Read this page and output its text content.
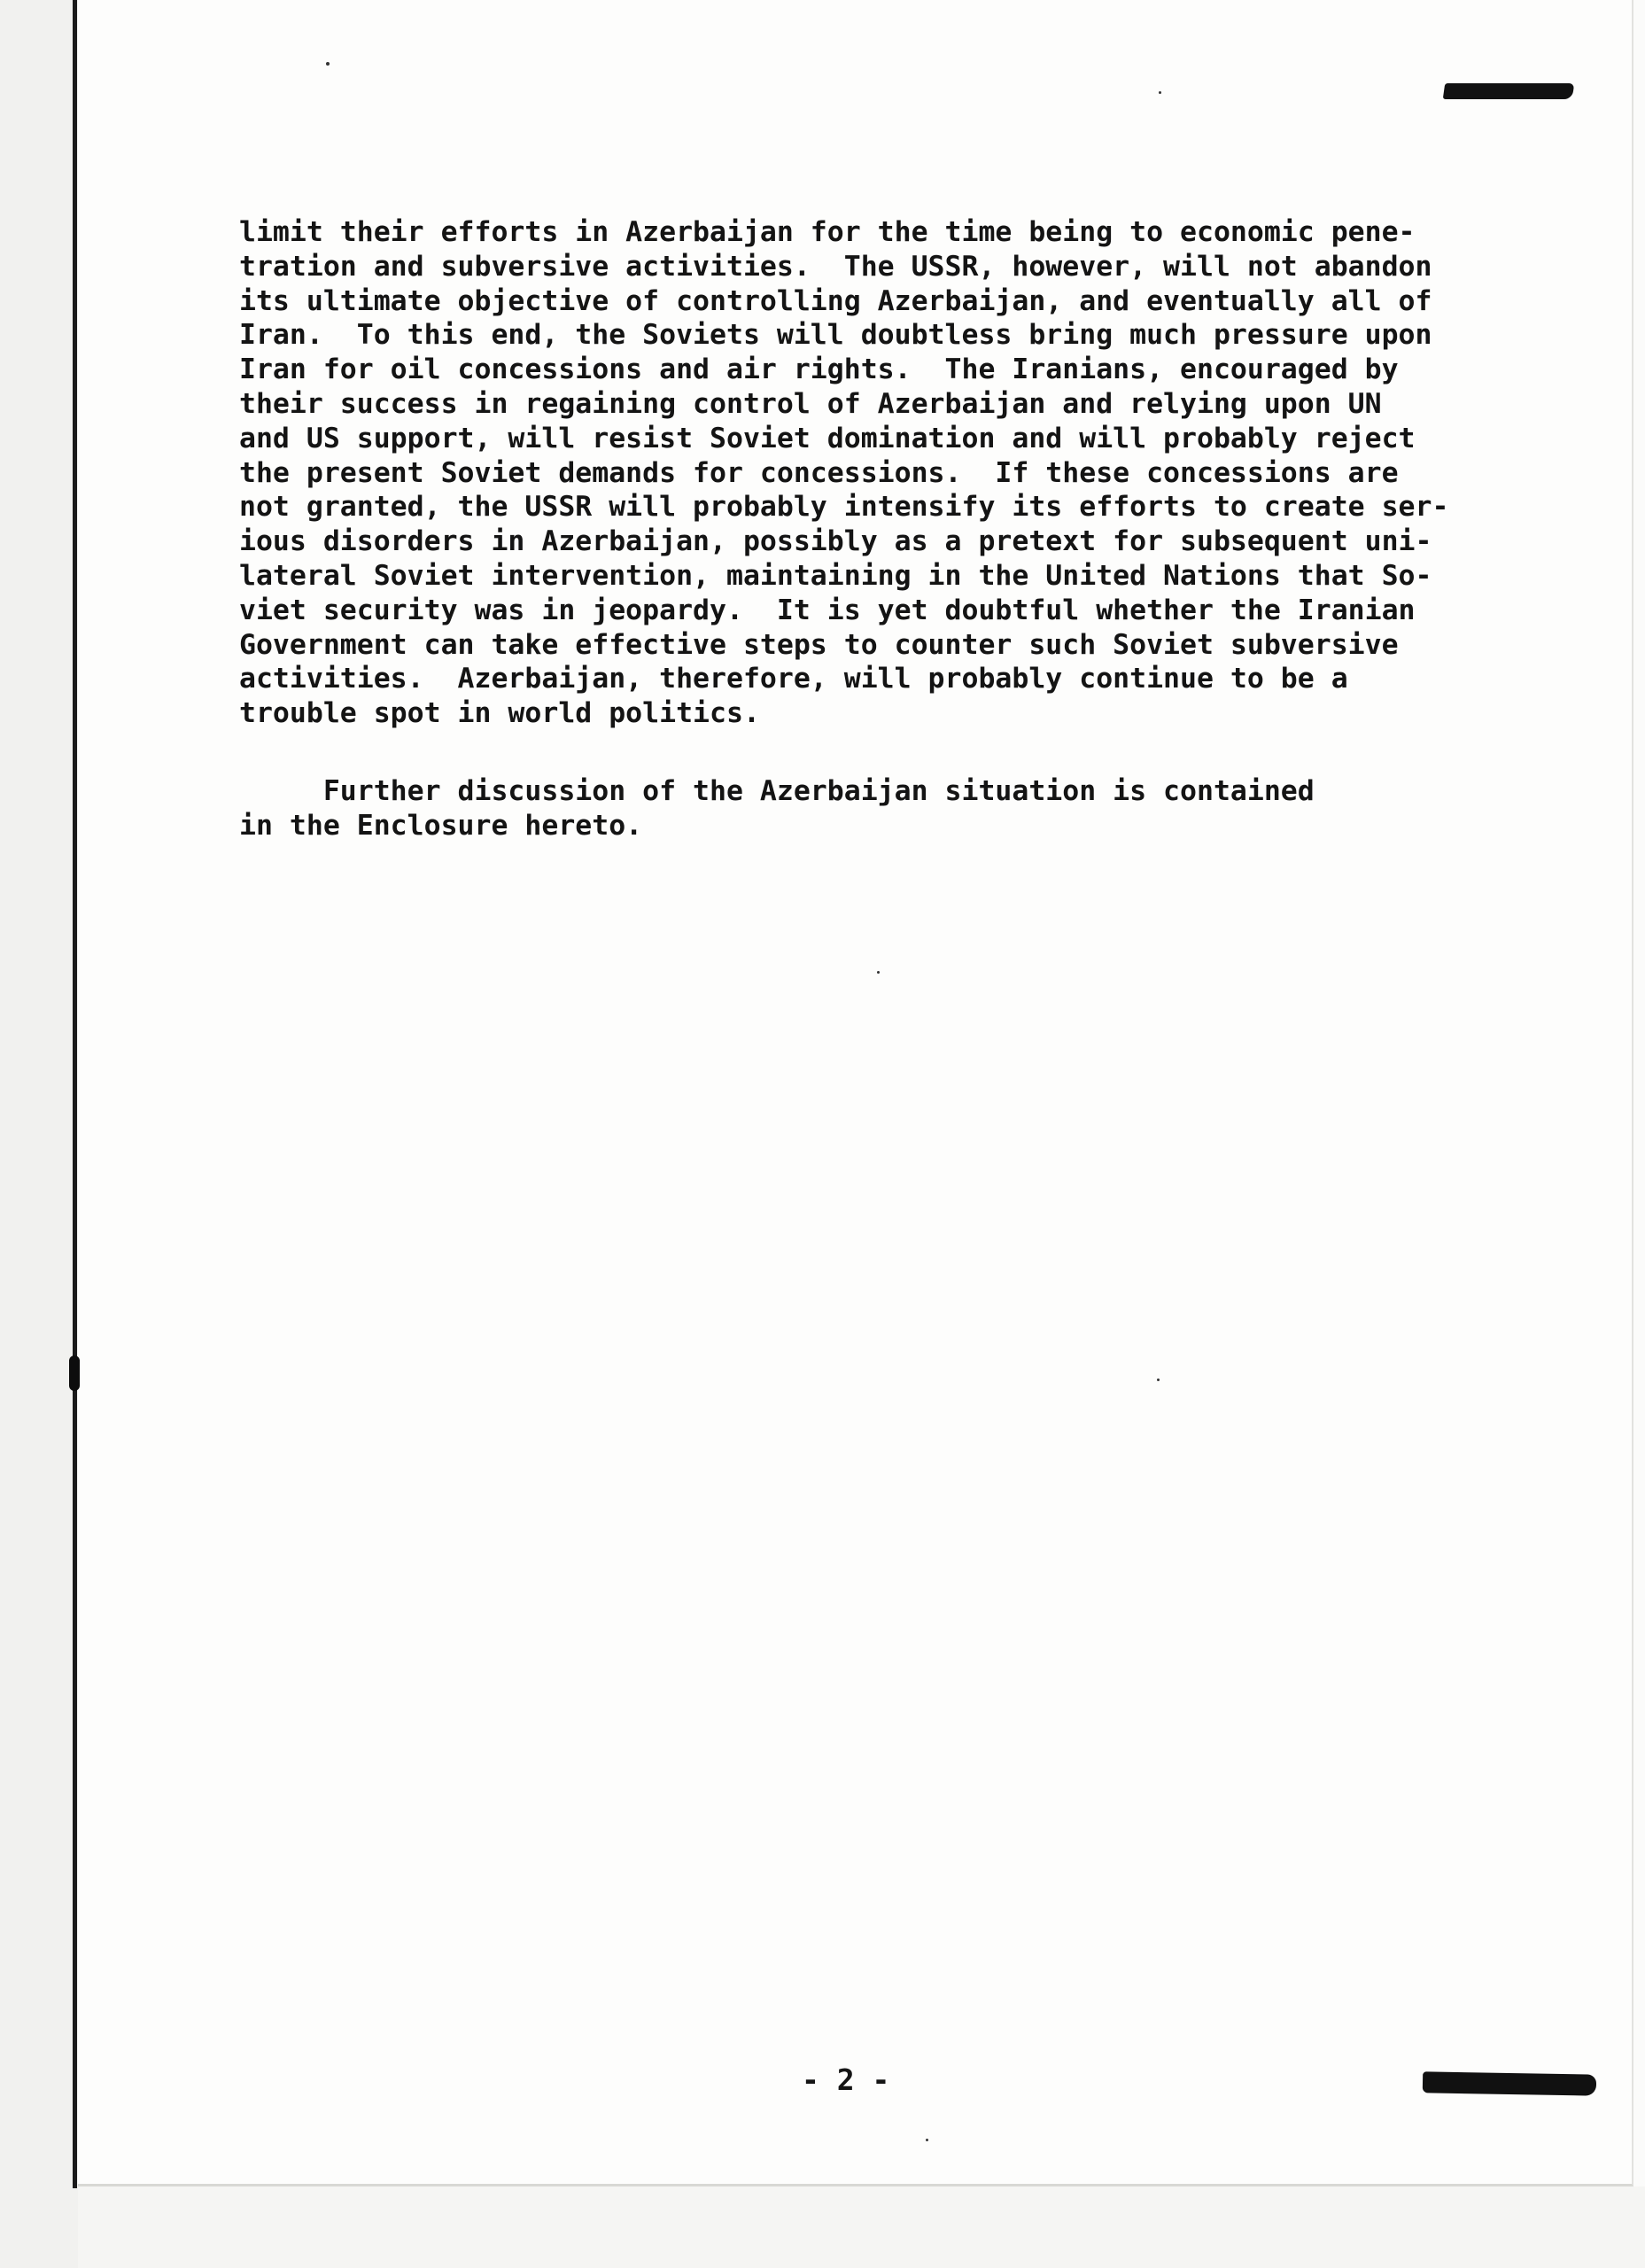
limit their efforts in Azerbaijan for the time being to economic pene-
tration and subversive activities.  The USSR, however, will not abandon
its ultimate objective of controlling Azerbaijan, and eventually all of
Iran.  To this end, the Soviets will doubtless bring much pressure upon
Iran for oil concessions and air rights.  The Iranians, encouraged by
their success in regaining control of Azerbaijan and relying upon UN
and US support, will resist Soviet domination and will probably reject
the present Soviet demands for concessions.  If these concessions are
not granted, the USSR will probably intensify its efforts to create ser-
ious disorders in Azerbaijan, possibly as a pretext for subsequent uni-
lateral Soviet intervention, maintaining in the United Nations that So-
viet security was in jeopardy.  It is yet doubtful whether the Iranian
Government can take effective steps to counter such Soviet subversive
activities.  Azerbaijan, therefore, will probably continue to be a
trouble spot in world politics.
Further discussion of the Azerbaijan situation is contained
in the Enclosure hereto.
- 2 -
